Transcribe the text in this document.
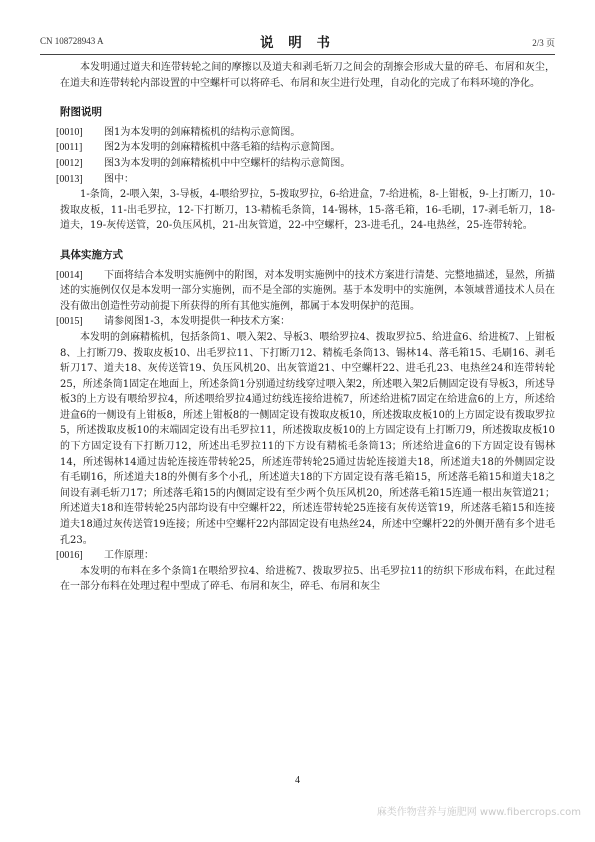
CN 108728943 A	说 明 书	2/3 页

本发明通过道夫和连带转轮之间的摩擦以及道夫和剥毛斩刀之间会的刮擦会形成大量的碎毛、布屑和灰尘，在道夫和连带转轮内部设置的中空螺杆可以将碎毛、布屑和灰尘进行处理，自动化的完成了布料环境的净化。

附图说明

[0010] 图1为本发明的剑麻精梳机的结构示意简图。

[0011] 图2为本发明的剑麻精梳机中落毛箱的结构示意简图。

[0012] 图3为本发明的剑麻精梳机中中空螺杆的结构示意简图。

[0013] 图中：

1-条筒，2-喂入架，3-导板，4-喂给罗拉，5-拨取罗拉，6-给进盒，7-给进梳，8-上钳板，9-上打断刀，10-拨取皮板，11-出毛罗拉，12-下打断刀，13-精梳毛条筒，14-锡林，15-落毛箱，16-毛刷，17-剥毛斩刀，18-道夫，19-灰传送管，20-负压风机，21-出灰管道，22-中空螺杆，23-进毛孔，24-电热丝，25-连带转轮。

具体实施方式

[0014]	下面将结合本发明实施例中的附图，对本发明实施例中的技术方案进行清楚、完整地描述，显然，所描述的实施例仅仅是本发明一部分实施例，而不是全部的实施例。基于本发明中的实施例，本领域普通技术人员在没有做出创造性劳动前提下所获得的所有其他实施例，都属于本发明保护的范围。

[0015] 请参阅图1-3，本发明提供一种技术方案：

本发明的剑麻精梳机，包括条筒1、喂入架2、导板3、喂给罗拉4、拨取罗拉5、给进盒6、给进梳7、上钳板8、上打断刀9、拨取皮板10、出毛罗拉11、下打断刀12、精梳毛条筒13、锡林14、落毛箱15、毛刷16、剥毛斩刀17、道夫18、灰传送管19、负压风机20、出灰管道21、中空螺杆22、进毛孔23、电热丝24和连带转轮25，所述条筒1固定在地面上，所述条筒1分别通过纺线穿过喂入架2，所述喂入架2后侧固定设有导板3，所述导板3的上方设有喂给罗拉4，所述喂给罗拉4通过纺线连接给进梳7，所述给进梳7固定在给进盒6的上方，所述给进盒6的一侧设有上钳板8，所述上钳板8的一侧固定设有拨取皮板10，所述拨取皮板10的上方固定设有拨取罗拉5，所述拨取皮板10的末端固定设有出毛罗拉11，所述拨取皮板10的上方固定设有上打断刀9，所述拨取皮板10的下方固定设有下打断刀12，所述出毛罗拉11的下方设有精梳毛条筒13；所述给进盒6的下方固定设有锡林14，所述锡林14通过齿轮连接连带转轮25，所述连带转轮25通过齿轮连接道夫18，所述道夫18的外侧固定设有毛刷16，所述道夫18的外侧有多个小孔，所述道夫18的下方固定设有落毛箱15，所述落毛箱15和道夫18之间设有剥毛斩刀17；所述落毛箱15的内侧固定设有至少两个负压风机20，所述落毛箱15连通一根出灰管道21；所述道夫18和连带转轮25内部均设有中空螺杆22，所述连带转轮25连接有灰传送管19，所述落毛箱15和连接道夫18通过灰传送管19连接；所述中空螺杆22内部固定设有电热丝24，所述中空螺杆22的外侧开凿有多个进毛孔23。

[0016] 工作原理：

本发明的布料在多个条筒1在喂给罗拉4、给进梳7、拨取罗拉5、出毛罗拉11的纺织下形成布料，在此过程在一部分布料在处理过程中型成了碎毛、布屑和灰尘，碎毛、布屑和灰尘

4
麻类作物营养与施肥网 www.fibercrops.com
